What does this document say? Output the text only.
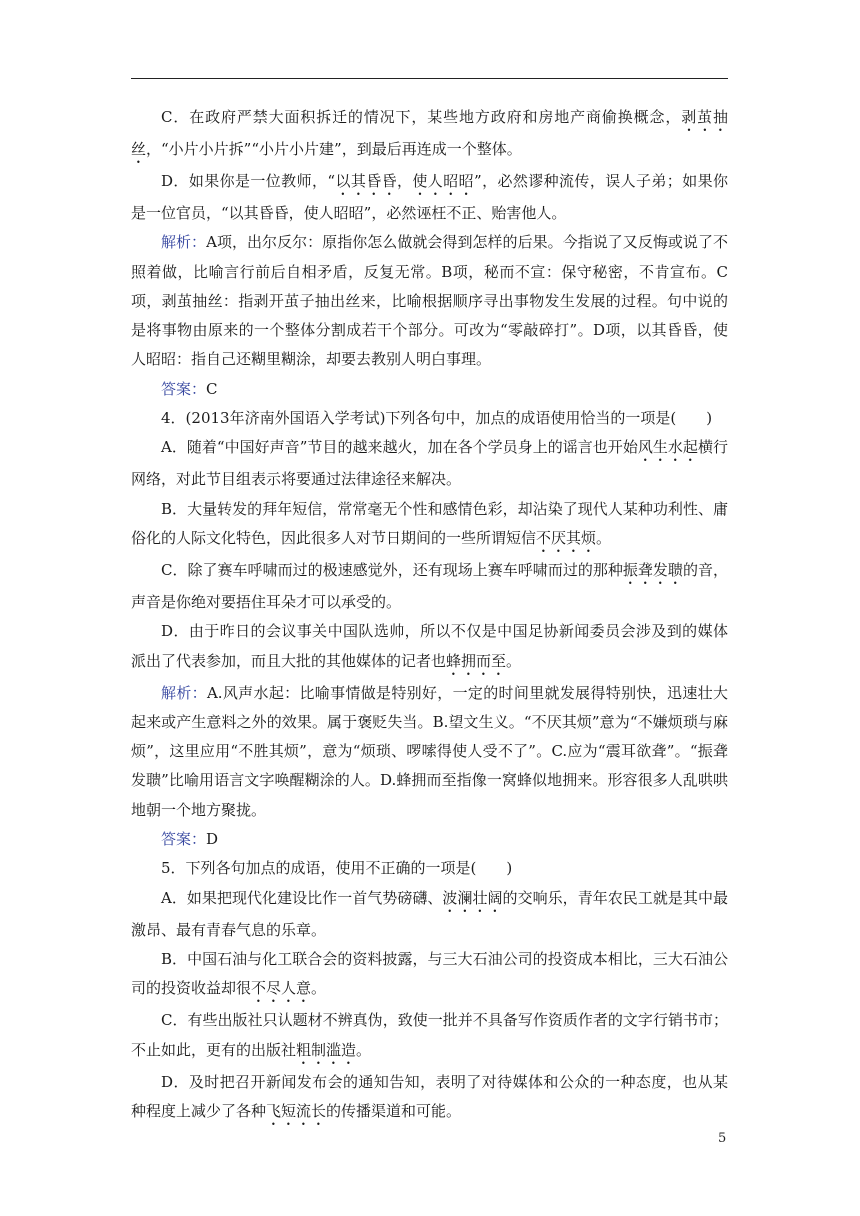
C．在政府严禁大面积拆迁的情况下，某些地方政府和房地产商偷换概念，剥茧抽丝，“小片小片拆”“小片小片建”，到最后再连成一个整体。

D．如果你是一位教师，“以其昏昏，使人昭昭”，必然谬种流传，误人子弟；如果你是一位官员，“以其昏昏，使人昭昭”，必然诬枉不正、贻害他人。

解析：A项，出尔反尔：原指你怎么做就会得到怎样的后果。今指说了又反悔或说了不照着做，比喻言行前后自相矛盾，反复无常。B项，秘而不宣：保守秘密，不肯宣布。C项，剥茧抽丝：指剥开茧子抽出丝来，比喻根据顺序寻出事物发生发展的过程。句中说的是将事物由原来的一个整体分割成若干个部分。可改为“零敲碎打”。D项，以其昏昏，使人昭昭：指自己还糊里糊涂，却要去教别人明白事理。

答案：C

4．(2013年济南外国语入学考试)下列各句中，加点的成语使用恰当的一项是(　　)

A．随着“中国好声音”节目的越来越火，加在各个学员身上的谣言也开始风生水起横行网络，对此节目组表示将要通过法律途径来解决。

B．大量转发的拜年短信，常常毫无个性和感情色彩，却沾染了现代人某种功利性、庸俗化的人际文化特色，因此很多人对节日期间的一些所谓短信不厌其烦。

C．除了赛车呼啸而过的极速感觉外，还有现场上赛车呼啸而过的那种振聋发聩的音，声音是你绝对要捂住耳朵才可以承受的。

D．由于昨日的会议事关中国队选帅，所以不仅是中国足协新闻委员会涉及到的媒体派出了代表参加，而且大批的其他媒体的记者也蜂拥而至。

解析：A.风声水起：比喻事情做是特别好，一定的时间里就发展得特别快，迅速壮大起来或产生意料之外的效果。属于褒贬失当。B.望文生义。“不厌其烦”意为“不嫌烦琐与麻烦”，这里应用“不胜其烦”，意为“烦琐、啰嗦得使人受不了”。C.应为“震耳欲聋”。“振聋发聩”比喻用语言文字唤醒糊涂的人。D.蜂拥而至指像一窝蜂似地拥来。形容很多人乱哄哄地朝一个地方聚拢。

答案：D

5．下列各句加点的成语，使用不正确的一项是(　　)

A．如果把现代化建设比作一首气势磅礴、波澜壮阔的交响乐，青年农民工就是其中最激昂、最有青春气息的乐章。

B．中国石油与化工联合会的资料披露，与三大石油公司的投资成本相比，三大石油公司的投资收益却很不尽人意。

C．有些出版社只认题材不辨真伪，致使一批并不具备写作资质作者的文字行销书市；不止如此，更有的出版社粗制滥造。

D．及时把召开新闻发布会的通知告知，表明了对待媒体和公众的一种态度，也从某种程度上减少了各种飞短流长的传播渠道和可能。

5
